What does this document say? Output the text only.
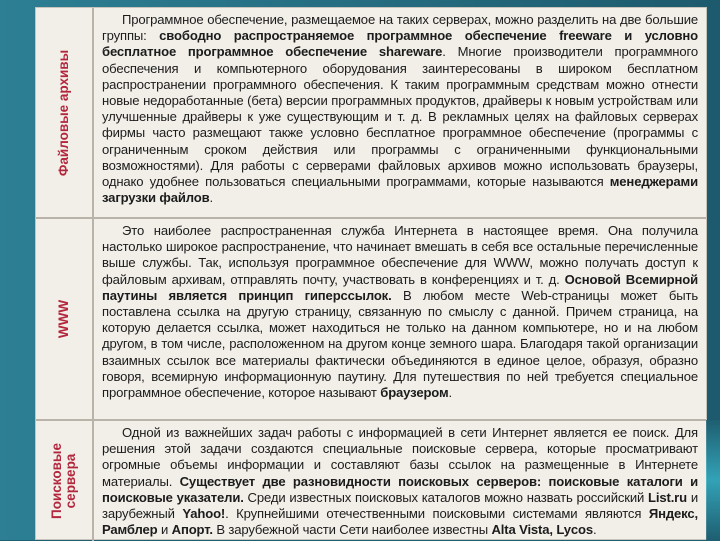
Файловые архивы
Программное обеспечение, размещаемое на таких серверах, можно разделить на две большие группы: свободно распространяемое программное обеспечение freeware и условно бесплатное программное обеспечение shareware. Многие производители программного обеспечения и компьютерного оборудования заинтересованы в широком бесплатном распространении программного обеспечения. К таким программным средствам можно отнести новые недоработанные (бета) версии программных продуктов, драйверы к новым устройствам или улучшенные драйверы к уже существующим и т. д. В рекламных целях на файловых серверах фирмы часто размещают также условно бесплатное программное обеспечение (программы с ограниченным сроком действия или программы с ограниченными функциональными возможностями). Для работы с серверами файловых архивов можно использовать браузеры, однако удобнее пользоваться специальными программами, которые называются менеджерами загрузки файлов.
WWW
Это наиболее распространенная служба Интернета в настоящее время. Она получила настолько широкое распространение, что начинает вмешать в себя все остальные перечисленные выше службы. Так, используя программное обеспечение для WWW, можно получать доступ к файловым архивам, отправлять почту, участвовать в конференциях и т. д. Основой Всемирной паутины является принцип гиперссылок. В любом месте Web-страницы может быть поставлена ссылка на другую страницу, связанную по смыслу с данной. Причем страница, на которую делается ссылка, может находиться не только на данном компьютере, но и на любом другом, в том числе, расположенном на другом конце земного шара. Благодаря такой организации взаимных ссылок все материалы фактически объединяются в единое целое, образуя, образно говоря, всемирную информационную паутину. Для путешествия по ней требуется специальное программное обеспечение, которое называют браузером.
Поисковые сервера
Одной из важнейших задач работы с информацией в сети Интернет является ее поиск. Для решения этой задачи создаются специальные поисковые сервера, которые просматривают огромные объемы информации и составляют базы ссылок на размещенные в Интернете материалы. Существует две разновидности поисковых серверов: поисковые каталоги и поисковые указатели. Среди известных поисковых каталогов можно назвать российский List.ru и зарубежный Yahoo!. Крупнейшими отечественными поисковыми системами являются Яндекс, Рамблер и Апорт. В зарубежной части Сети наиболее известны Alta Vista, Lycos.
